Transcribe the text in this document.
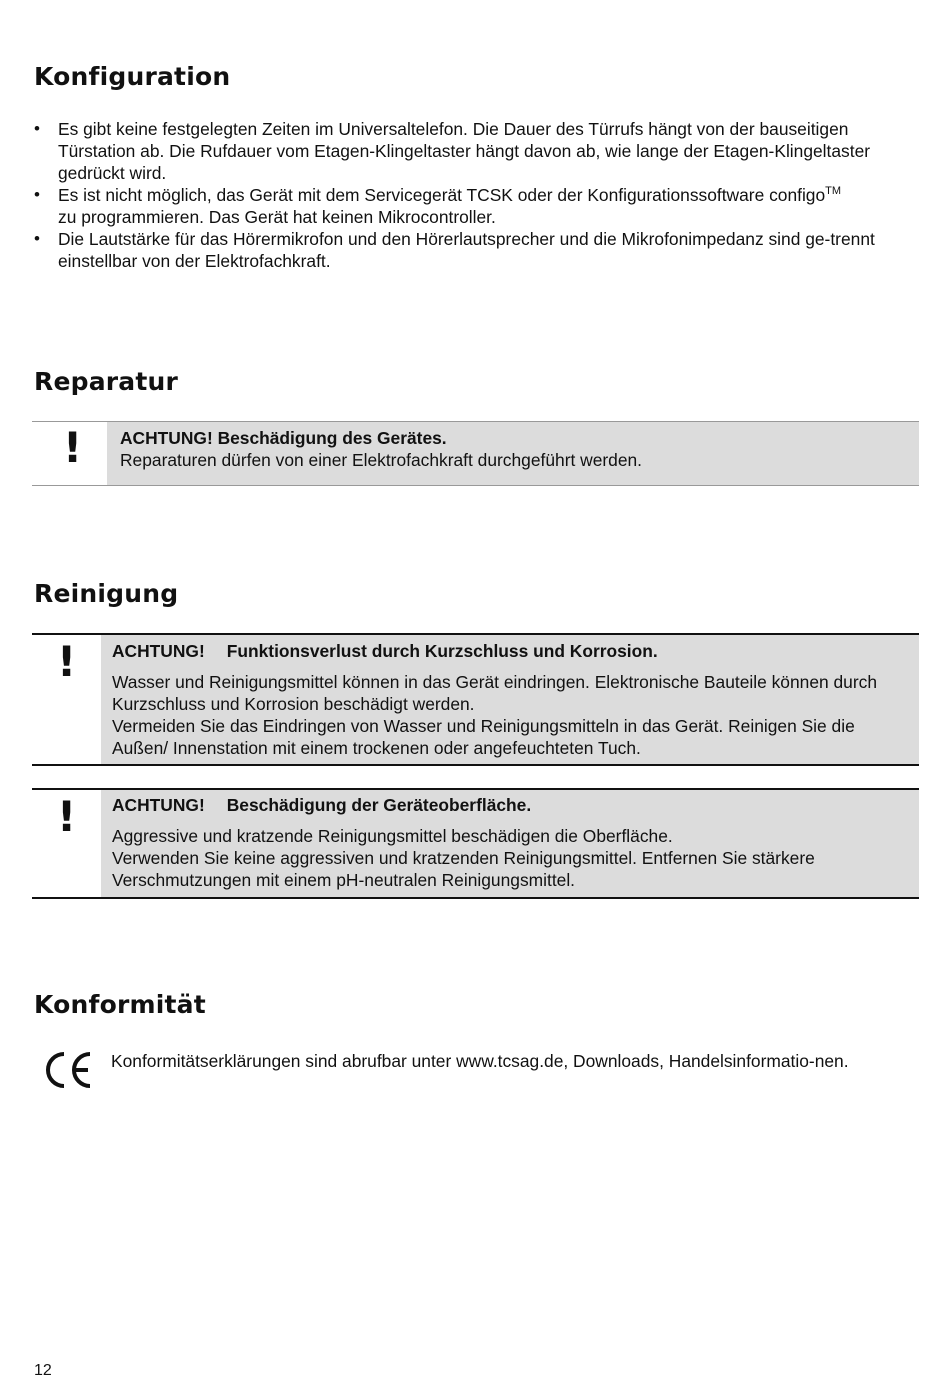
Konfiguration
• Es gibt keine festgelegten Zeiten im Universaltelefon. Die Dauer des Türrufs hängt von der bauseitigen Türstation ab. Die Rufdauer vom Etagen-Klingeltaster hängt davon ab, wie lange der Etagen-Klingeltaster gedrückt wird.
• Es ist nicht möglich, das Gerät mit dem Servicegerät TCSK oder der Konfigurationssoftware configo™
zu programmieren. Das Gerät hat keinen Mikrocontroller.
• Die Lautstärke für das Hörermikrofon und den Hörerlautsprecher und die Mikrofonimpedanz sind ge-trennt einstellbar von der Elektrofachkraft.
Reparatur
! ACHTUNG! Beschädigung des Gerätes.
Reparaturen dürfen von einer Elektrofachkraft durchgeführt werden.
Reinigung
! ACHTUNG! Funktionsverlust durch Kurzschluss und Korrosion.
Wasser und Reinigungsmittel können in das Gerät eindringen. Elektronische Bauteile können durch Kurzschluss und Korrosion beschädigt werden.
Vermeiden Sie das Eindringen von Wasser und Reinigungsmitteln in das Gerät. Reinigen Sie die Außen/ Innenstation mit einem trockenen oder angefeuchteten Tuch.
! ACHTUNG! Beschädigung der Geräteoberfläche.
Aggressive und kratzende Reinigungsmittel beschädigen die Oberfläche.
Verwenden Sie keine aggressiven und kratzenden Reinigungsmittel. Entfernen Sie stärkere Verschmutzungen mit einem pH-neutralen Reinigungsmittel.
Konformität
Konformitätserklärungen sind abrufbar unter www.tcsag.de, Downloads, Handelsinformatio-nen.
12
